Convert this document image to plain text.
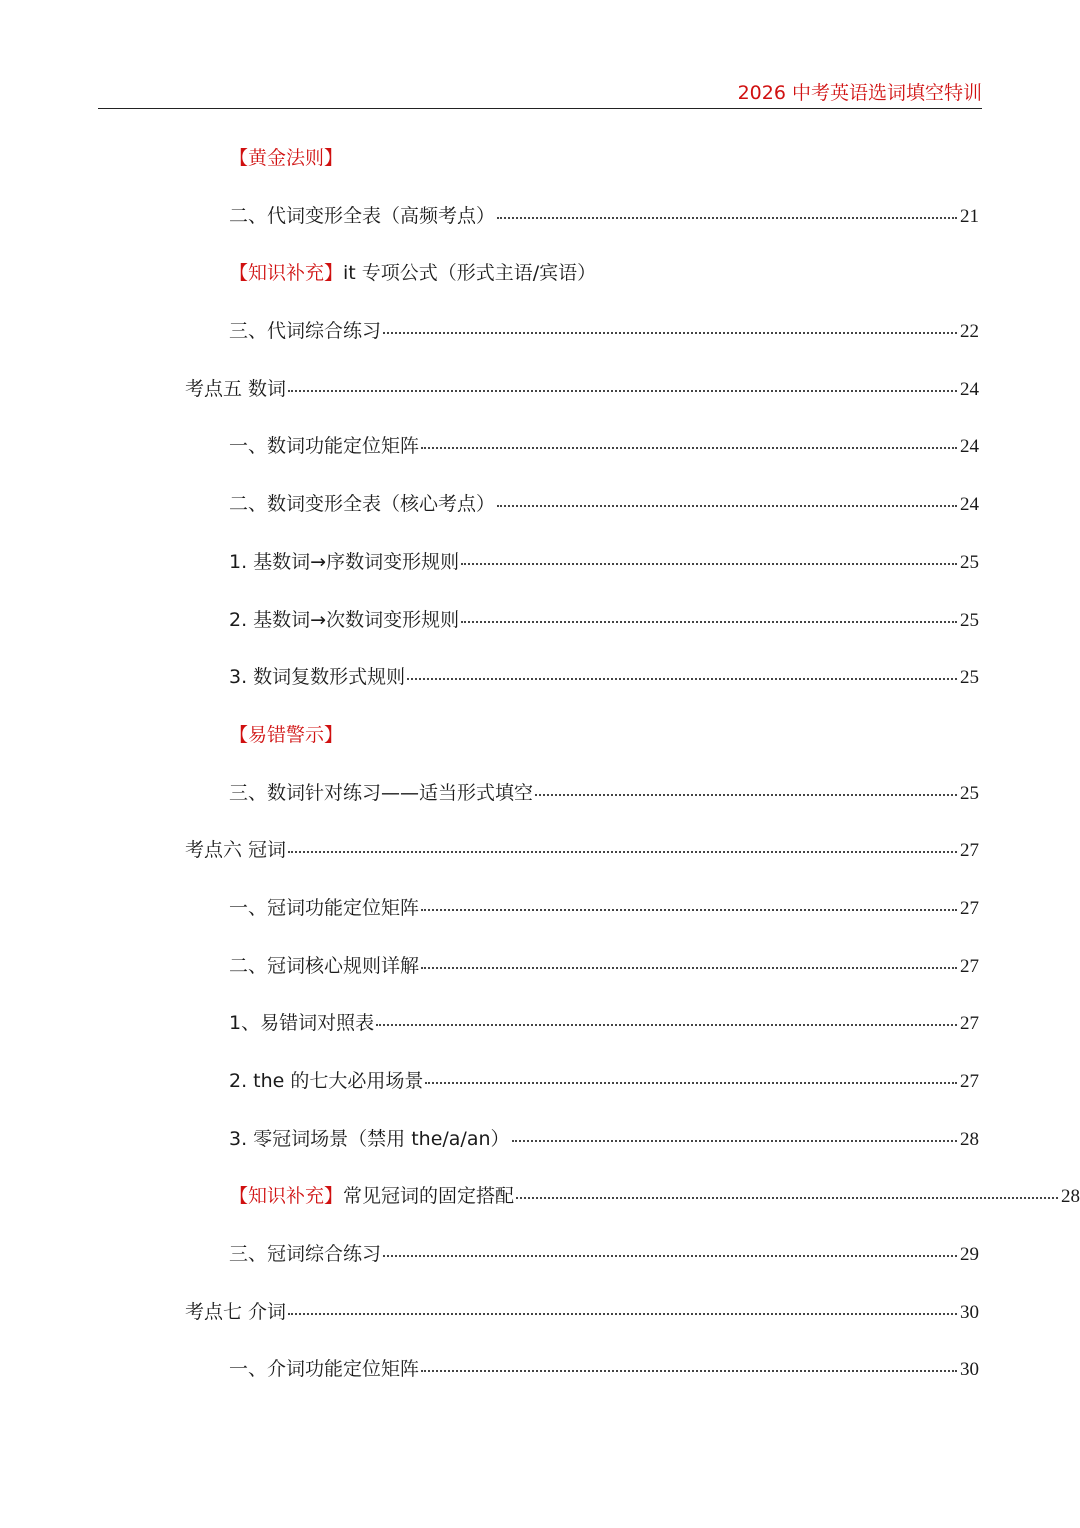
2026 中考英语选词填空特训
【黄金法则】
二、代词变形全表（高频考点）	21
【知识补充】 it 专项公式（形式主语/宾语）
三、代词综合练习	22
考点五 数词	24
一、数词功能定位矩阵	24
二、数词变形全表（核心考点）	24
1. 基数词→序数词变形规则	25
2. 基数词→次数词变形规则	25
3. 数词复数形式规则	25
【易错警示】
三、数词针对练习——适当形式填空	25
考点六 冠词	27
一、冠词功能定位矩阵	27
二、冠词核心规则详解	27
1、易错词对照表	27
2. the 的七大必用场景	27
3. 零冠词场景（禁用 the/a/an）	28
【知识补充】 常见冠词的固定搭配	28
三、冠词综合练习	29
考点七 介词	30
一、介词功能定位矩阵	30
